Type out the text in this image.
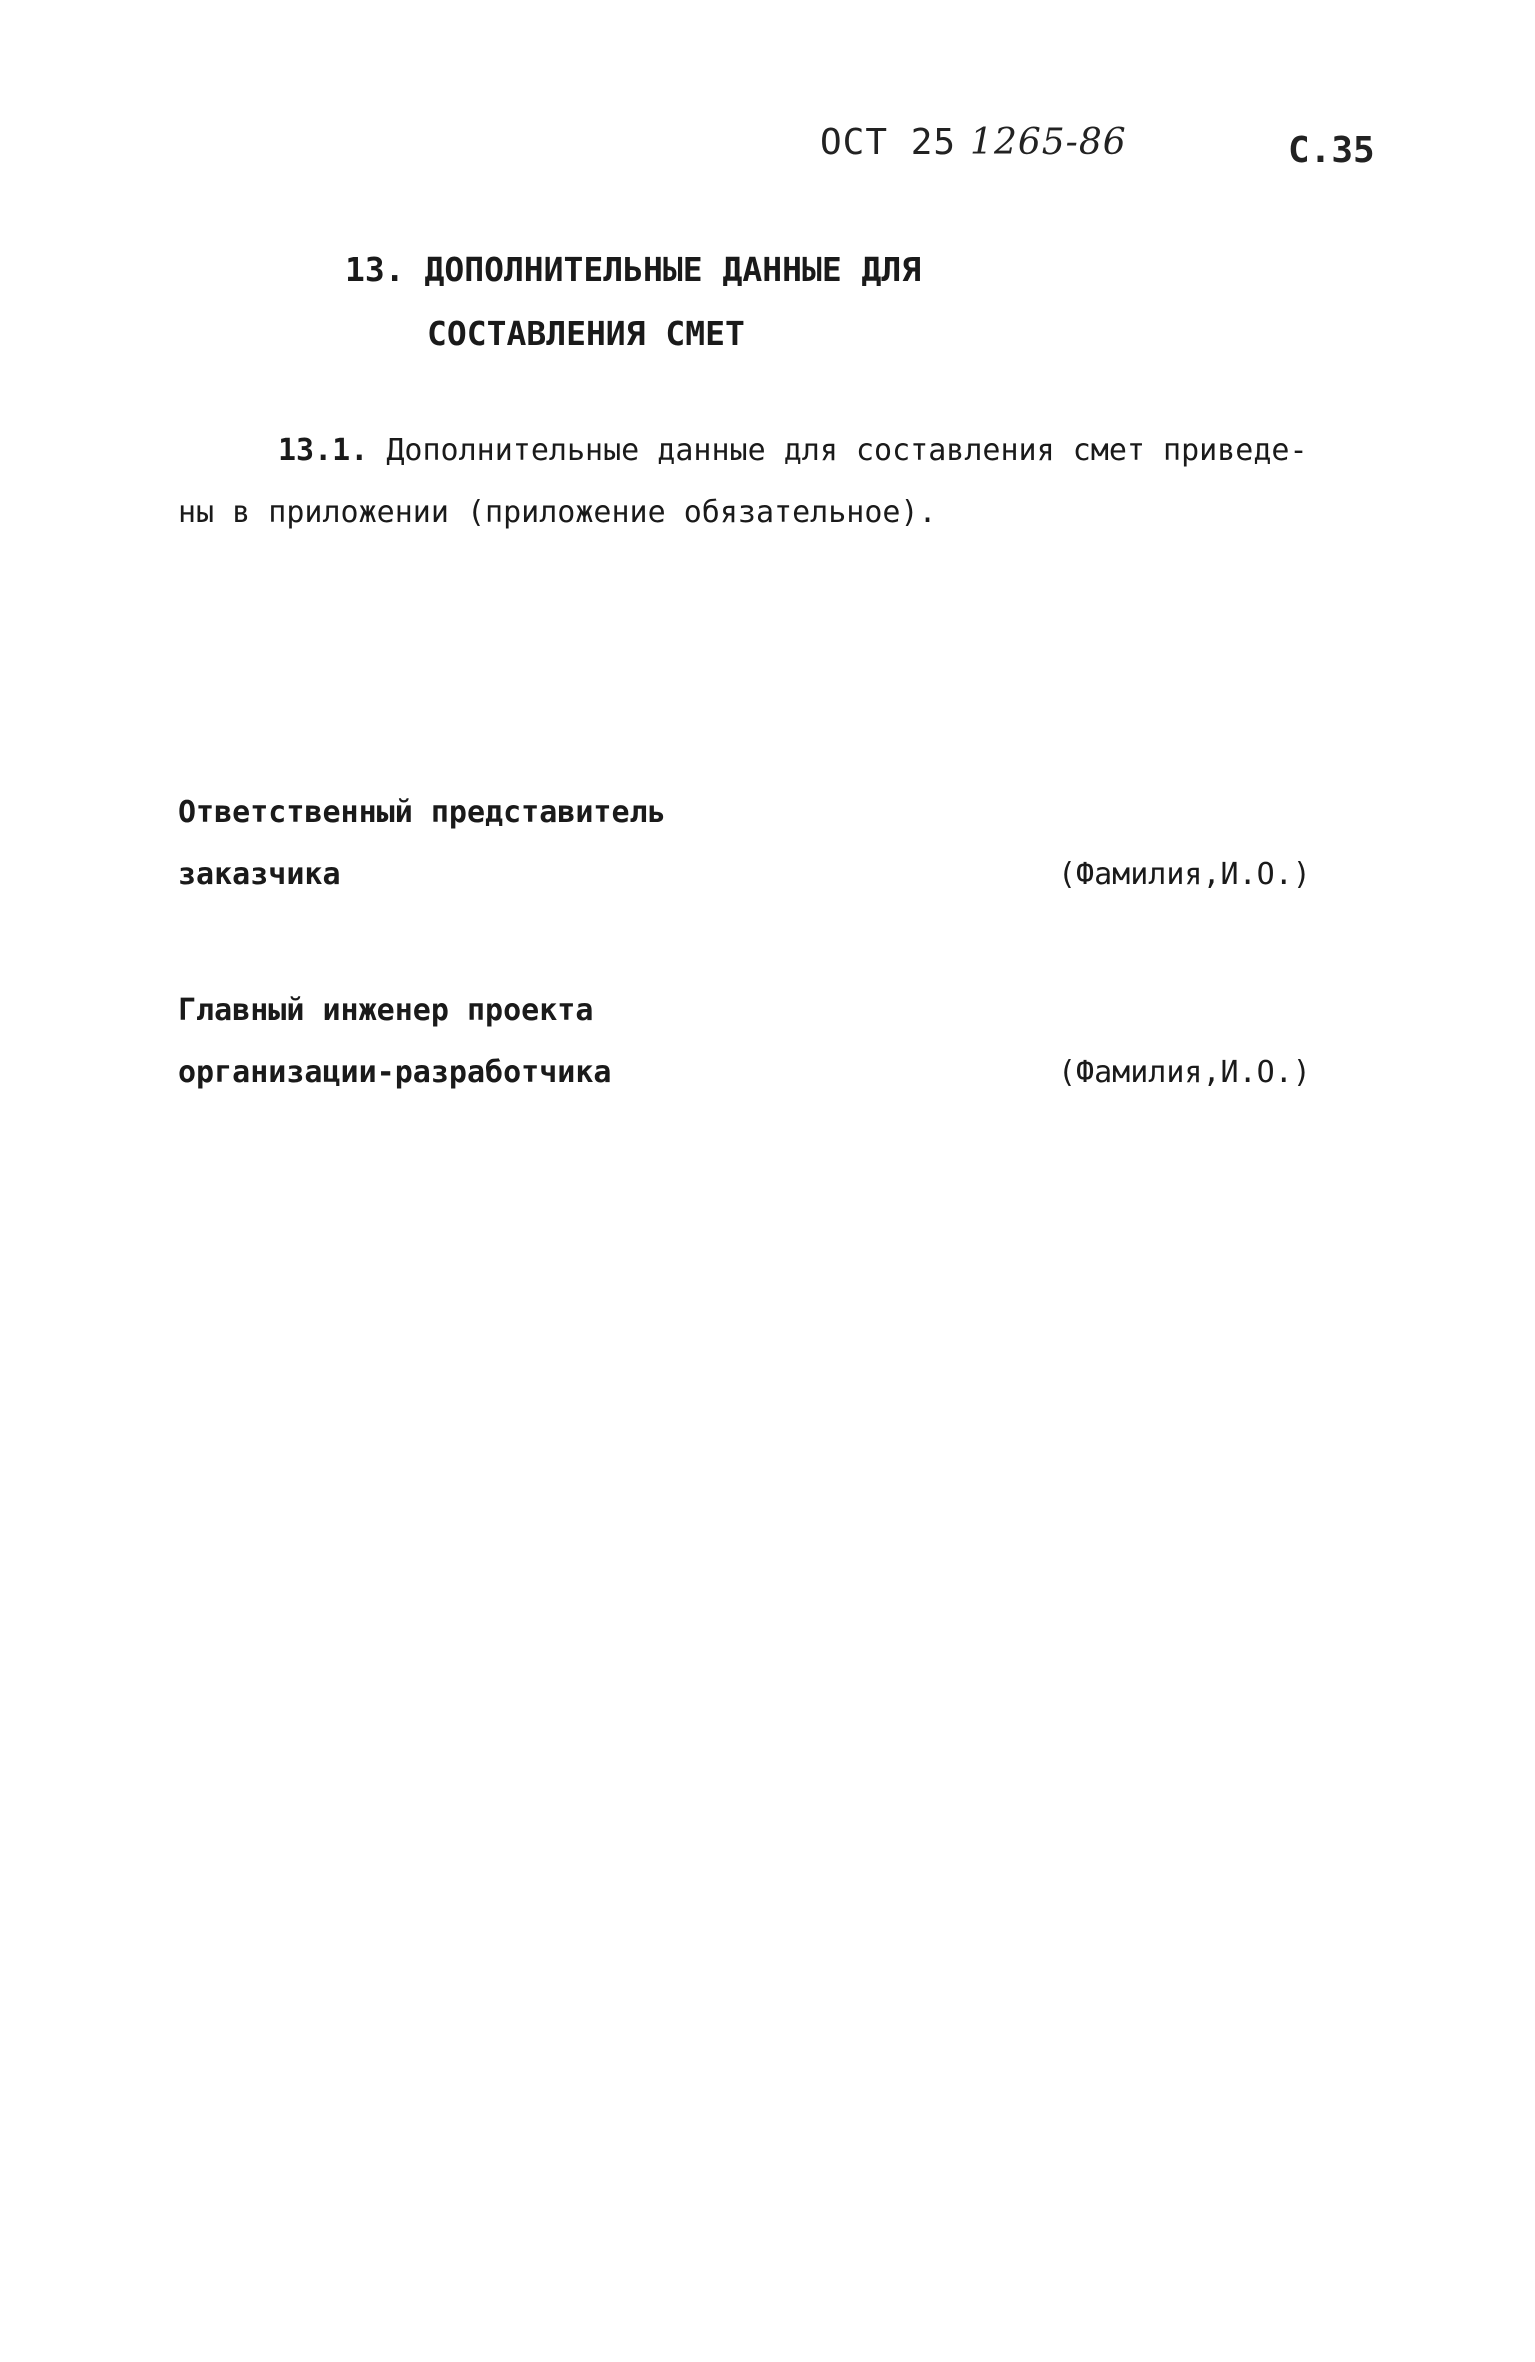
ОСТ 25 1265-86	С.35
13. ДОПОЛНИТЕЛЬНЫЕ ДАННЫЕ ДЛЯ
СОСТАВЛЕНИЯ СМЕТ
13.1. Дополнительные данные для составления смет приведе-
ны в приложении (приложение обязательное).
Ответственный представитель
заказчика	(Фамилия,И.О.)
Главный инженер проекта
организации-разработчика	(Фамилия,И.О.)
